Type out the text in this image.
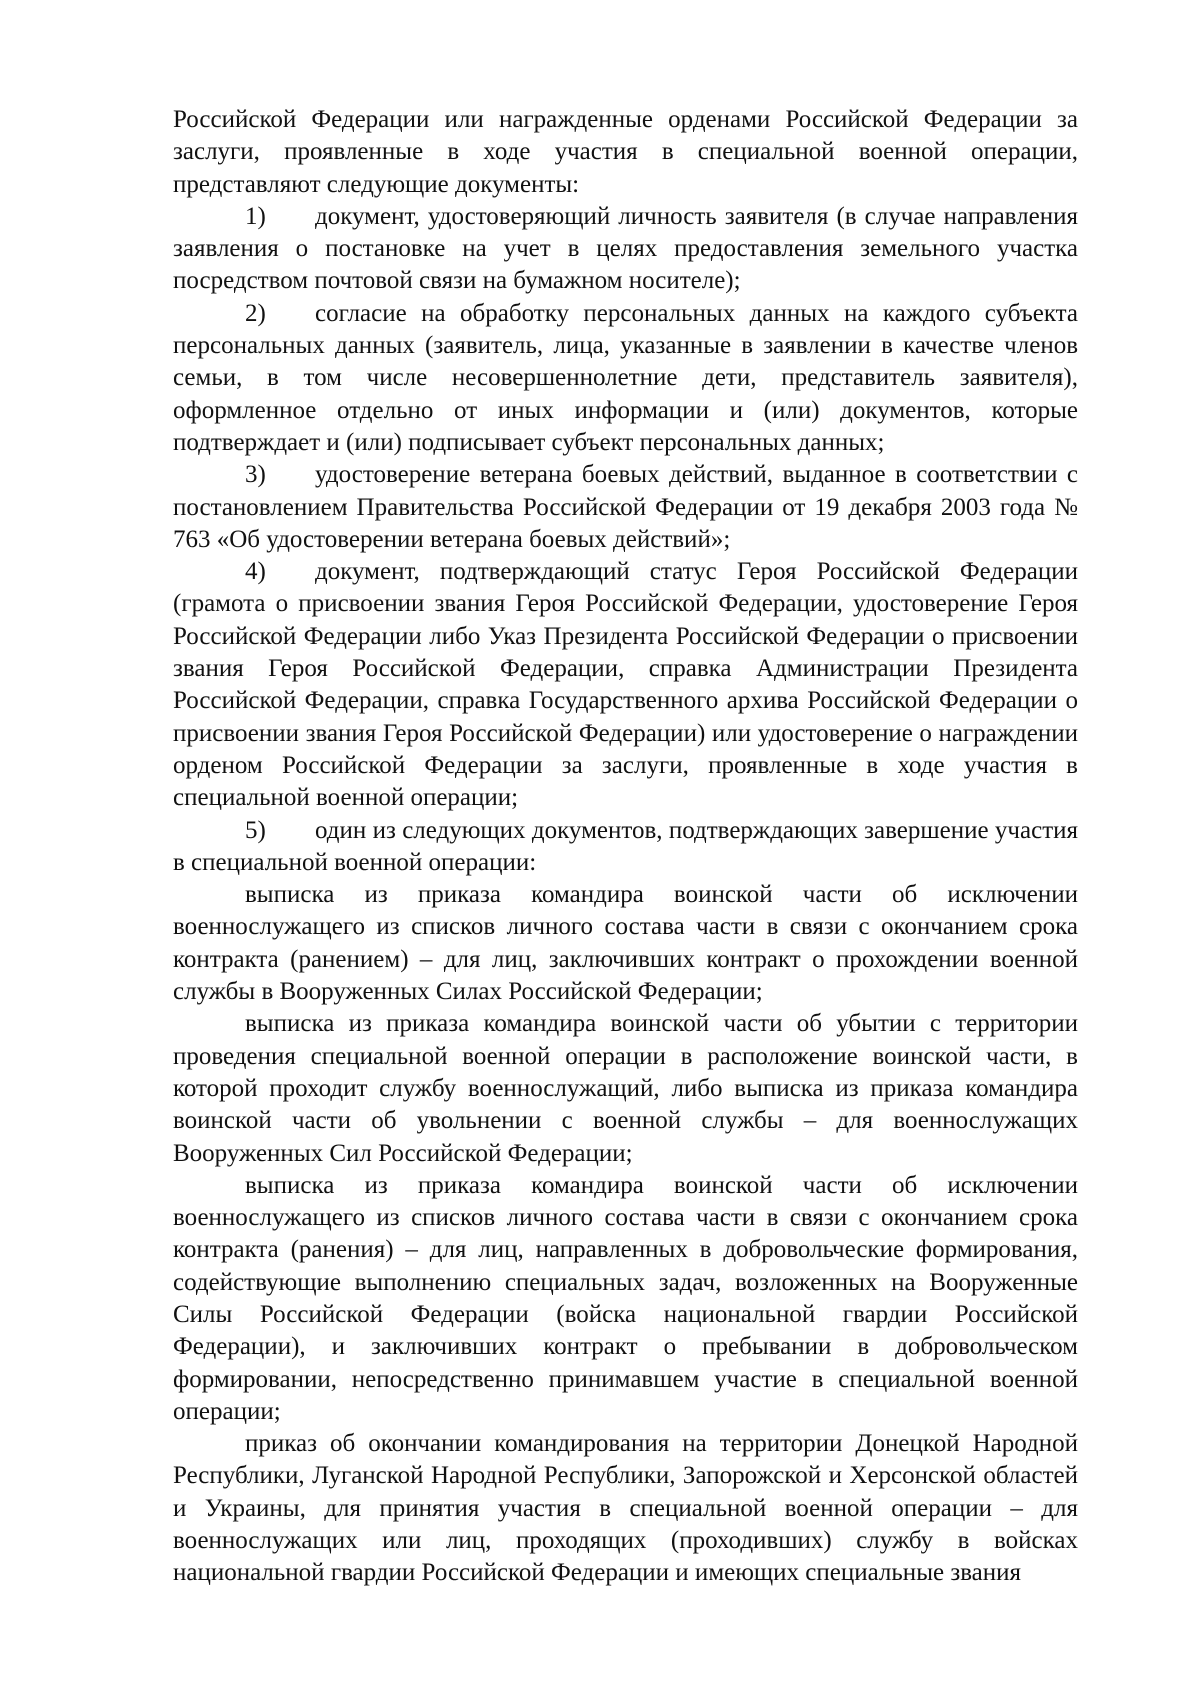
Российской Федерации или награжденные орденами Российской Федерации за заслуги, проявленные в ходе участия в специальной военной операции, представляют следующие документы:

1) документ, удостоверяющий личность заявителя (в случае направления заявления о постановке на учет в целях предоставления земельного участка посредством почтовой связи на бумажном носителе);

2) согласие на обработку персональных данных на каждого субъекта персональных данных (заявитель, лица, указанные в заявлении в качестве членов семьи, в том числе несовершеннолетние дети, представитель заявителя), оформленное отдельно от иных информации и (или) документов, которые подтверждает и (или) подписывает субъект персональных данных;

3) удостоверение ветерана боевых действий, выданное в соответствии с постановлением Правительства Российской Федерации от 19 декабря 2003 года № 763 «Об удостоверении ветерана боевых действий»;

4) документ, подтверждающий статус Героя Российской Федерации (грамота о присвоении звания Героя Российской Федерации, удостоверение Героя Российской Федерации либо Указ Президента Российской Федерации о присвоении звания Героя Российской Федерации, справка Администрации Президента Российской Федерации, справка Государственного архива Российской Федерации о присвоении звания Героя Российской Федерации) или удостоверение о награждении орденом Российской Федерации за заслуги, проявленные в ходе участия в специальной военной операции;

5) один из следующих документов, подтверждающих завершение участия в специальной военной операции:

выписка из приказа командира воинской части об исключении военнослужащего из списков личного состава части в связи с окончанием срока контракта (ранением) – для лиц, заключивших контракт о прохождении военной службы в Вооруженных Силах Российской Федерации;

выписка из приказа командира воинской части об убытии с территории проведения специальной военной операции в расположение воинской части, в которой проходит службу военнослужащий, либо выписка из приказа командира воинской части об увольнении с военной службы – для военнослужащих Вооруженных Сил Российской Федерации;

выписка из приказа командира воинской части об исключении военнослужащего из списков личного состава части в связи с окончанием срока контракта (ранения) – для лиц, направленных в добровольческие формирования, содействующие выполнению специальных задач, возложенных на Вооруженные Силы Российской Федерации (войска национальной гвардии Российской Федерации), и заключивших контракт о пребывании в добровольческом формировании, непосредственно принимавшем участие в специальной военной операции;

приказ об окончании командирования на территории Донецкой Народной Республики, Луганской Народной Республики, Запорожской и Херсонской областей и Украины, для принятия участия в специальной военной операции – для военнослужащих или лиц, проходящих (проходивших) службу в войсках национальной гвардии Российской Федерации и имеющих специальные звания
